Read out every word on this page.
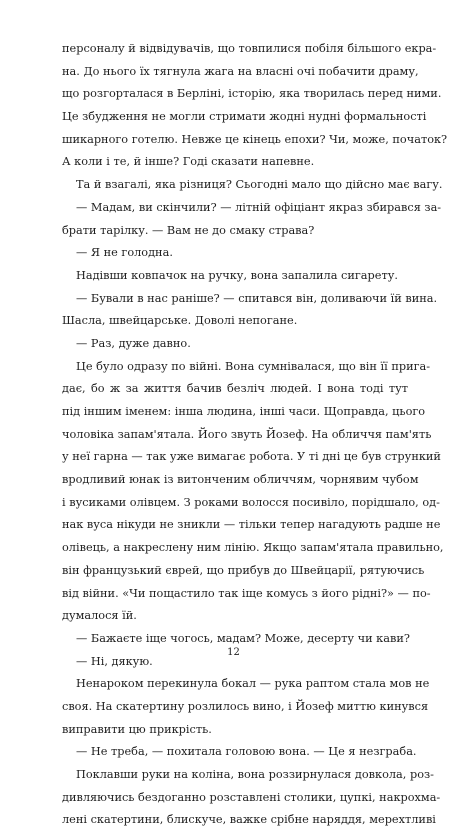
персоналу й відвідувачів, що товпилися побіля більшого екра-
на. До нього їх тягнула жага на власні очі побачити драму,
що розгорталася в Берліні, історію, яка творилась перед ними.
Це збудження не могли стримати жодні нудні формальності
шикарного готелю. Невже це кінець епохи? Чи, може, початок?
А коли і те, й інше? Годі сказати напевне.
Та й взагалі, яка різниця? Сьогодні мало що дійсно має вагу.
— Мадам, ви скінчили? — літній офіціант якраз збирався за-
брати тарілку. — Вам не до смаку страва?
— Я не голодна.
Надівши ковпачок на ручку, вона запалила сигарету.
— Бували в нас раніше? — спитався він, доливаючи їй вина.
Шасла, швейцарське. Доволі непогане.
— Раз, дуже давно.
Це було одразу по війні. Вона сумнівалася, що він її прига-
дає, бо ж за життя бачив безліч людей. І вона тоді тут
під іншим іменем: інша людина, інші часи. Щоправда, цього
чоловіка запам'ятала. Його звуть Йозеф. На обличчя пам'ять
у неї гарна — так уже вимагає робота. У ті дні це був стрункий
вродливий юнак із витонченим обличчям, чорнявим чубом
і вусиками олівцем. З роками волосся посивіло, порідшало, од-
нак вуса нікуди не зникли — тільки тепер нагадують радше не
олівець, а накреслену ним лінію. Якщо запам'ятала правильно,
він французький єврей, що прибув до Швейцарії, рятуючись
від війни. «Чи пощастило так іще комусь з його рідні?» — по-
думалося їй.
— Бажаєте іще чогось, мадам? Може, десерту чи кави?
— Ні, дякую.
Ненароком перекинула бокал — рука раптом стала мов не
своя. На скатертину розлилось вино, і Йозеф миттю кинувся
виправити цю прикрість.
— Не треба, — похитала головою вона. — Це я незграба.
Поклавши руки на коліна, вона роззирнулася довкола, роз-
дивляючись бездоганно розставлені столики, цупкі, накрохма-
лені скатертини, блискуче, важке срібне наряддя, мерехтливі
12
